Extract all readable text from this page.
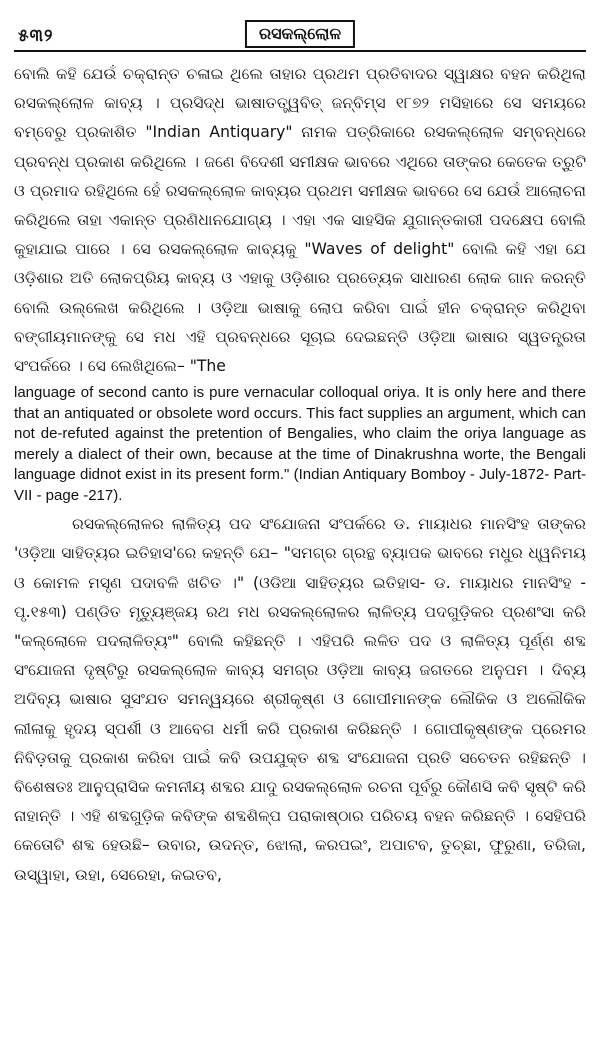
୫୩୨	ରସକଲ୍ଲୋଳ

ବୋଲି କହି ଯେଉଁ ଚକ୍ରାନ୍ତ ଚଳାଇ ଥିଲେ ତାହାର ପ୍ରଥମ ପ୍ରତିବାଦର ସ୍ୱାକ୍ଷର ବହନ କରିଥିଲା ରସକଲ୍ଲୋଳ କାବ୍ୟ । ପ୍ରସିଦ୍ଧ ଭାଷାତତ୍ତ୍ୱବିତ୍ ଜନ୍‌ବିମ୍ସ ୧୮୭୨ ମସିହାରେ ସେ ସମୟରେ ବମ୍ବେରୁ ପ୍ରକାଶିତ "Indian Antiquary" ନାମକ ପତ୍ରିକାରେ ରସକଲ୍ଲୋଳ ସମ୍ବନ୍ଧରେ ପ୍ରବନ୍ଧ ପ୍ରକାଶ କରିଥିଲେ । ଜଣେ ବିଦେଶୀ ସମୀକ୍ଷକ ଭାବରେ ଏଥିରେ ତାଙ୍କର କେତେକ ତ୍ରୁଟି ଓ ପ୍ରମାଦ ରହିଥିଲେ ହେଁ ରସକଲ୍ଲୋଳ କାବ୍ୟର ପ୍ରଥମ ସମୀକ୍ଷକ ଭାବରେ ସେ ଯେଉଁ ଆଲୋଚନା କରିଥିଲେ ତାହା ଏକାନ୍ତ ପ୍ରଣିଧାନଯୋଗ୍ୟ । ଏହା ଏକ ସାହସିକ ଯୁଗାନ୍ତକାରୀ ପଦକ୍ଷେପ ବୋଲି କୁହାଯାଇ ପାରେ । ସେ ରସକଲ୍ଲୋଳ କାବ୍ୟକୁ "Waves of delight" ବୋଲି କହି ଏହା ଯେ ଓଡ଼ିଶାର ଅତି ଲୋକପ୍ରିୟ କାବ୍ୟ ଓ ଏହାକୁ ଓଡ଼ିଶାର ପ୍ରତ୍ୟେକ ସାଧାରଣ ଲୋକ ଗାନ କରନ୍ତି ବୋଲି ଉଲ୍ଲେଖ କରିଥିଲେ । ଓଡ଼ିଆ ଭାଷାକୁ ଲୋପ କରିବା ପାଇଁ ହୀନ ଚକ୍ରାନ୍ତ କରିଥିବା ବଙ୍ଗୀୟମାନଙ୍କୁ ସେ ମଧ ଏହି ପ୍ରବନ୍ଧରେ ସୂଚାଇ ଦେଇଛନ୍ତି ଓଡ଼ିଆ ଭାଷାର ସ୍ୱତନ୍ତ୍ରତା ସଂପର୍କରେ । ସେ ଲେଖିଥିଲେ– "The

language of second canto is pure vernacular colloqual oriya. It is only here and there that an antiquated or obsolete word occurs. This fact supplies an argument, which can not de-refuted against the pretention of Bengalies, who claim the oriya language as merely a dialect of their own, because at the time of Dinakrushna worte, the Bengali language didnot exist in its present form." (Indian Antiquary Bomboy - July-1872- Part-VII - page -217).

ରସକଲ୍ଲୋଳର ଲାଳିତ୍ୟ ପଦ ସଂଯୋଜନା ସଂପର୍କରେ ଡ. ମାୟାଧର ମାନସିଂହ ତାଙ୍କର 'ଓଡ଼ିଆ ସାହିତ୍ୟର ଇତିହାସ'ରେ କହନ୍ତି ଯେ– "ସମଗ୍ର ଗ୍ରନ୍ଥ ବ୍ୟାପକ ଭାବରେ ମଧୁର ଧ୍ୱନିମୟ ଓ କୋମଳ ମସୃଣ ପଦାବଳି ଖଚିତ ।" (ଓଡିଆ ସାହିତ୍ୟର ଇତିହାସ- ଡ. ମାୟାଧର ମାନସିଂହ - ପୃ.୧୫୩) ପଣ୍ଡିତ ମୃତ୍ୟୁଞ୍ଜୟ ରଥ ମଧ ରସକଲ୍ଲୋଳର ଲାଳିତ୍ୟ ପଦଗୁଡ଼ିକର ପ୍ରଶଂସା କରି "କଲ୍ଲୋଳେ ପଦଲାଳିତ୍ୟଂ" ବୋଲି କହିଛନ୍ତି । ଏହିପରି ଲଳିତ ପଦ ଓ ଲାଳିତ୍ୟ ପୂର୍ଣ୍ଣ ଶବ୍ଦ ସଂଯୋଜନା ଦୃଷ୍ଟିରୁ ରସକଲ୍ଲୋଳ କାବ୍ୟ ସମଗ୍ର ଓଡ଼ିଆ କାବ୍ୟ ଜଗତରେ ଅନୁପମ । ଦିବ୍ୟ ଅଦିବ୍ୟ ଭାଷାର ସୁସଂଯତ ସମନ୍ୱୟରେ ଶ୍ରୀକୃଷ୍ଣ ଓ ଗୋପୀମାନଙ୍କ ଲୌକିକ ଓ ଅଲୌକିକ ଲୀଳାକୁ ହୃଦୟ ସ୍ପର୍ଶୀ ଓ ଆବେଗ ଧର୍ମୀ କରି ପ୍ରକାଶ କରିଛନ୍ତି । ଗୋପୀକୃଷ୍ଣଙ୍କ ପ୍ରେମର ନିବିଡ଼ତାକୁ ପ୍ରକାଶ କରିବା ପାଇଁ କବି ଉପଯୁକ୍ତ ଶବ୍ଦ ସଂଯୋଜନା ପ୍ରତି ସଚେତନ ରହିଛନ୍ତି । ବିଶେଷତଃ ଆନୁପ୍ରାସିକ କମନୀୟ ଶବ୍ଦର ଯାଦୁ ରସକଲ୍ଲୋଳ ରଚନା ପୂର୍ବରୁ କୌଣସି କବି ସୃଷ୍ଟି କରି ନାହାନ୍ତି । ଏହି ଶବ୍ଦଗୁଡ଼ିକ କବିଙ୍କ ଶବ୍ଦଶିଳ୍ପ ପରାକାଷ୍ଠାର ପରିଚୟ ବହନ କରିଛନ୍ତି । ସେହିପରି କେତୋଟି ଶବ୍ଦ ହେଉଛି– ଉବାର, ଉଦନ୍ତ, ଝୋଲା, କରପଇଂ, ଅପାଟବ, ତୁଚ୍ଛା, ଫୁରୁଣା, ତରିଜା, ଉସ୍ୱାହା, ଉହା, ସେରେହା, କଇତବ,
